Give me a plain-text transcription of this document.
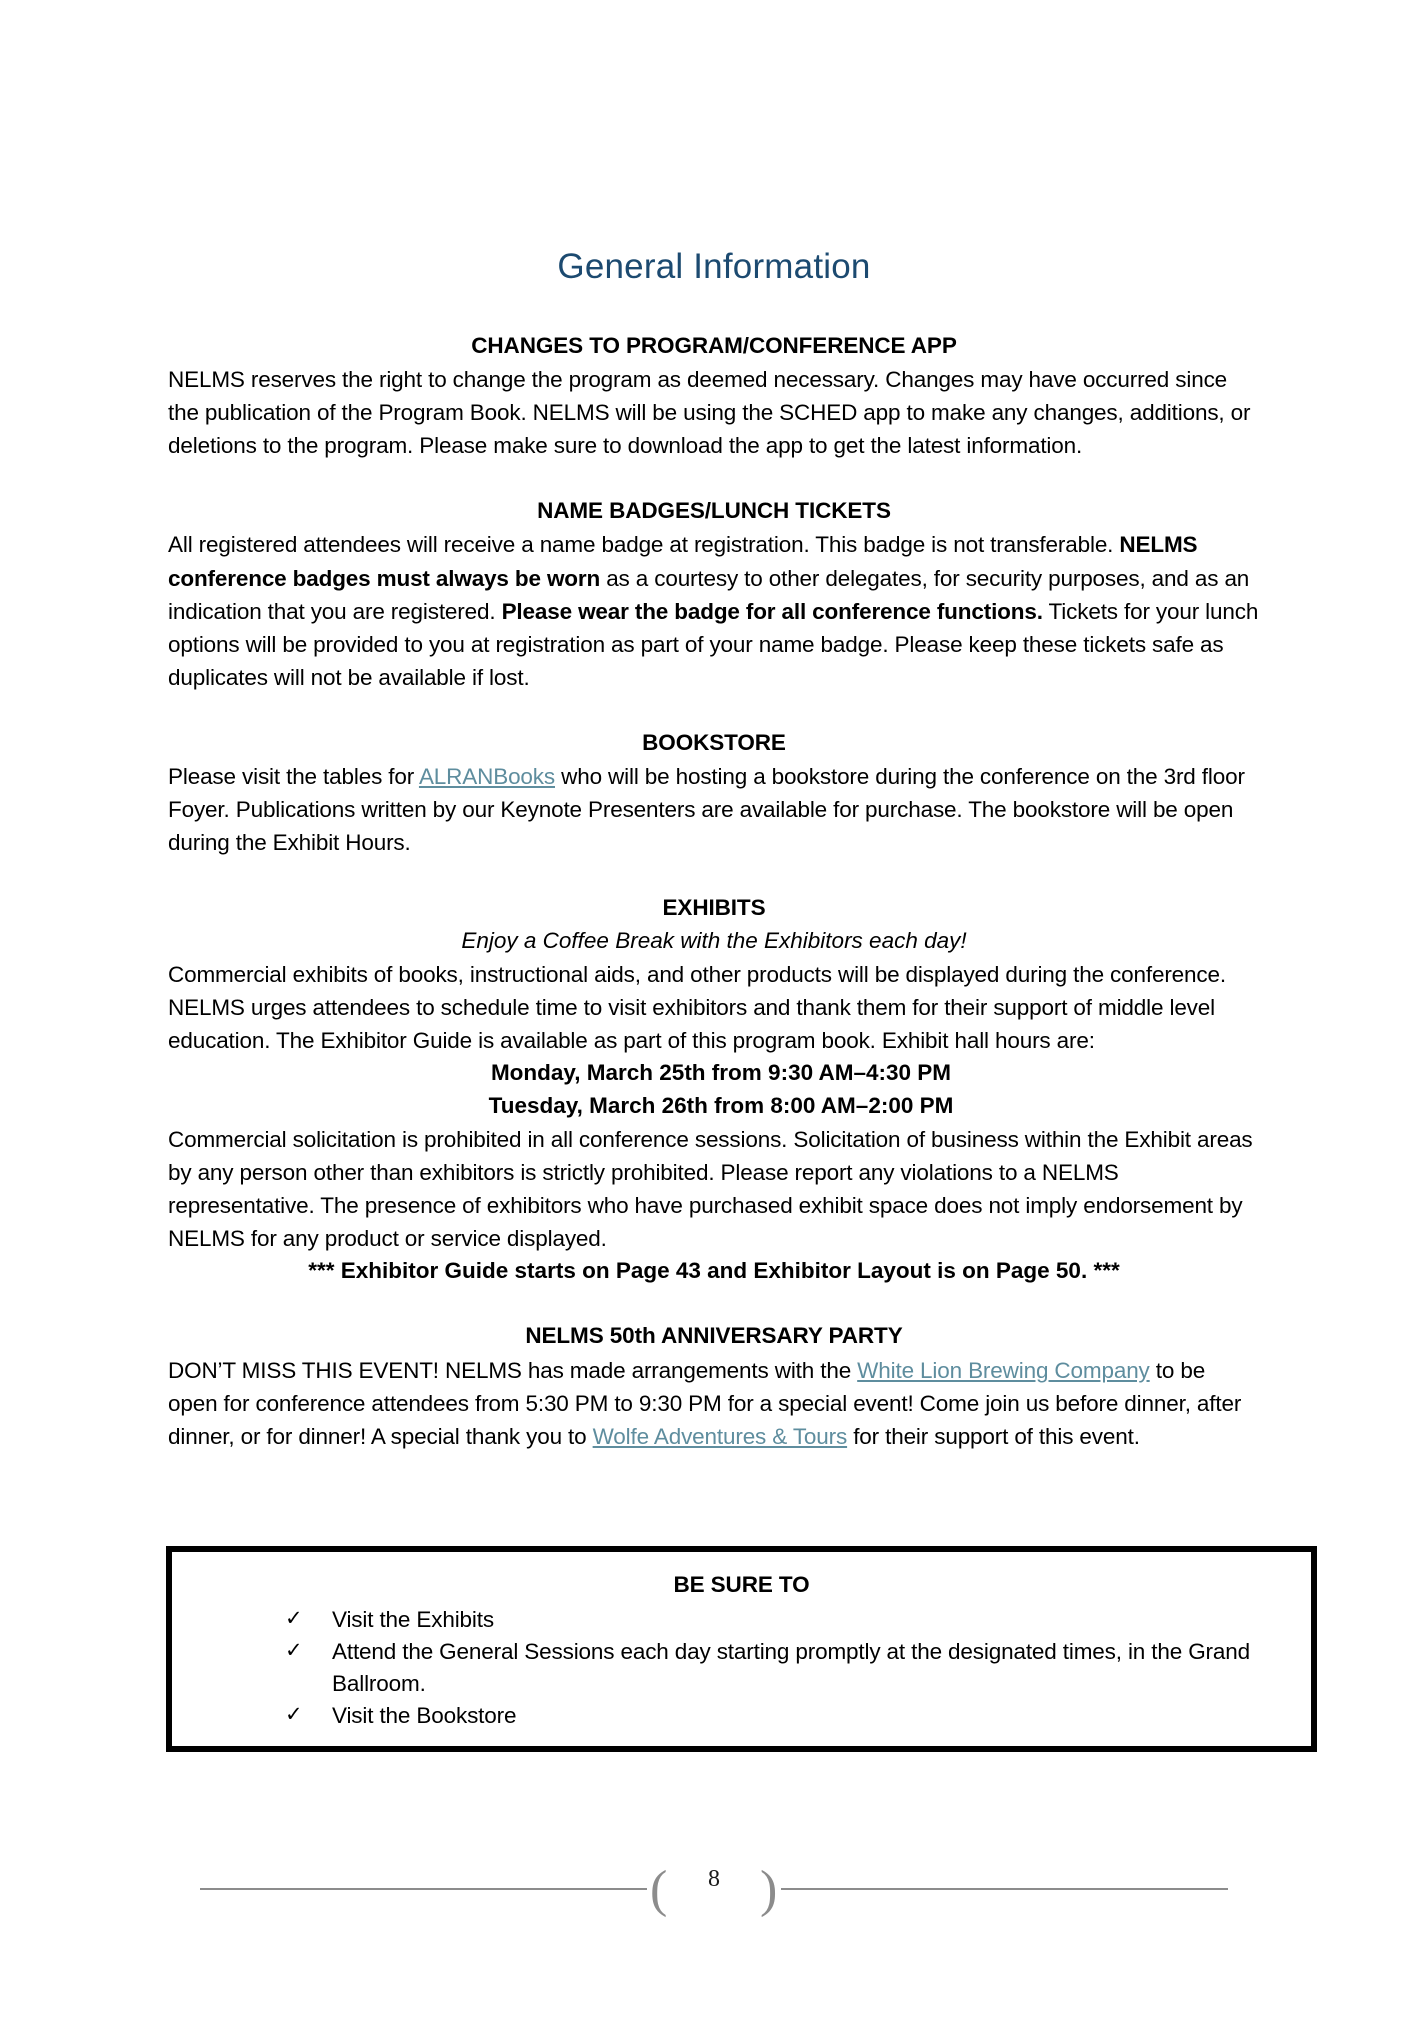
General Information
CHANGES TO PROGRAM/CONFERENCE APP

NELMS reserves the right to change the program as deemed necessary. Changes may have occurred since the publication of the Program Book. NELMS will be using the SCHED app to make any changes, additions, or deletions to the program. Please make sure to download the app to get the latest information.

NAME BADGES/LUNCH TICKETS

All registered attendees will receive a name badge at registration. This badge is not transferable. NELMS conference badges must always be worn as a courtesy to other delegates, for security purposes, and as an indication that you are registered. Please wear the badge for all conference functions. Tickets for your lunch options will be provided to you at registration as part of your name badge. Please keep these tickets safe as duplicates will not be available if lost.

BOOKSTORE

Please visit the tables for ALRANBooks who will be hosting a bookstore during the conference on the 3rd floor Foyer. Publications written by our Keynote Presenters are available for purchase. The bookstore will be open during the Exhibit Hours.

EXHIBITS
Enjoy a Coffee Break with the Exhibitors each day!

Commercial exhibits of books, instructional aids, and other products will be displayed during the conference. NELMS urges attendees to schedule time to visit exhibitors and thank them for their support of middle level education. The Exhibitor Guide is available as part of this program book. Exhibit hall hours are:

Monday, March 25th from 9:30 AM–4:30 PM
Tuesday, March 26th from 8:00 AM–2:00 PM

Commercial solicitation is prohibited in all conference sessions. Solicitation of business within the Exhibit areas by any person other than exhibitors is strictly prohibited. Please report any violations to a NELMS representative. The presence of exhibitors who have purchased exhibit space does not imply endorsement by NELMS for any product or service displayed.

*** Exhibitor Guide starts on Page 43 and Exhibitor Layout is on Page 50. ***
NELMS 50th ANNIVERSARY PARTY

DON’T MISS THIS EVENT! NELMS has made arrangements with the White Lion Brewing Company to be open for conference attendees from 5:30 PM to 9:30 PM for a special event! Come join us before dinner, after dinner, or for dinner! A special thank you to Wolfe Adventures & Tours for their support of this event.

BE SURE TO
✓ Visit the Exhibits
✓ Attend the General Sessions each day starting promptly at the designated times, in the Grand Ballroom.
✓ Visit the Bookstore
(	8 )
